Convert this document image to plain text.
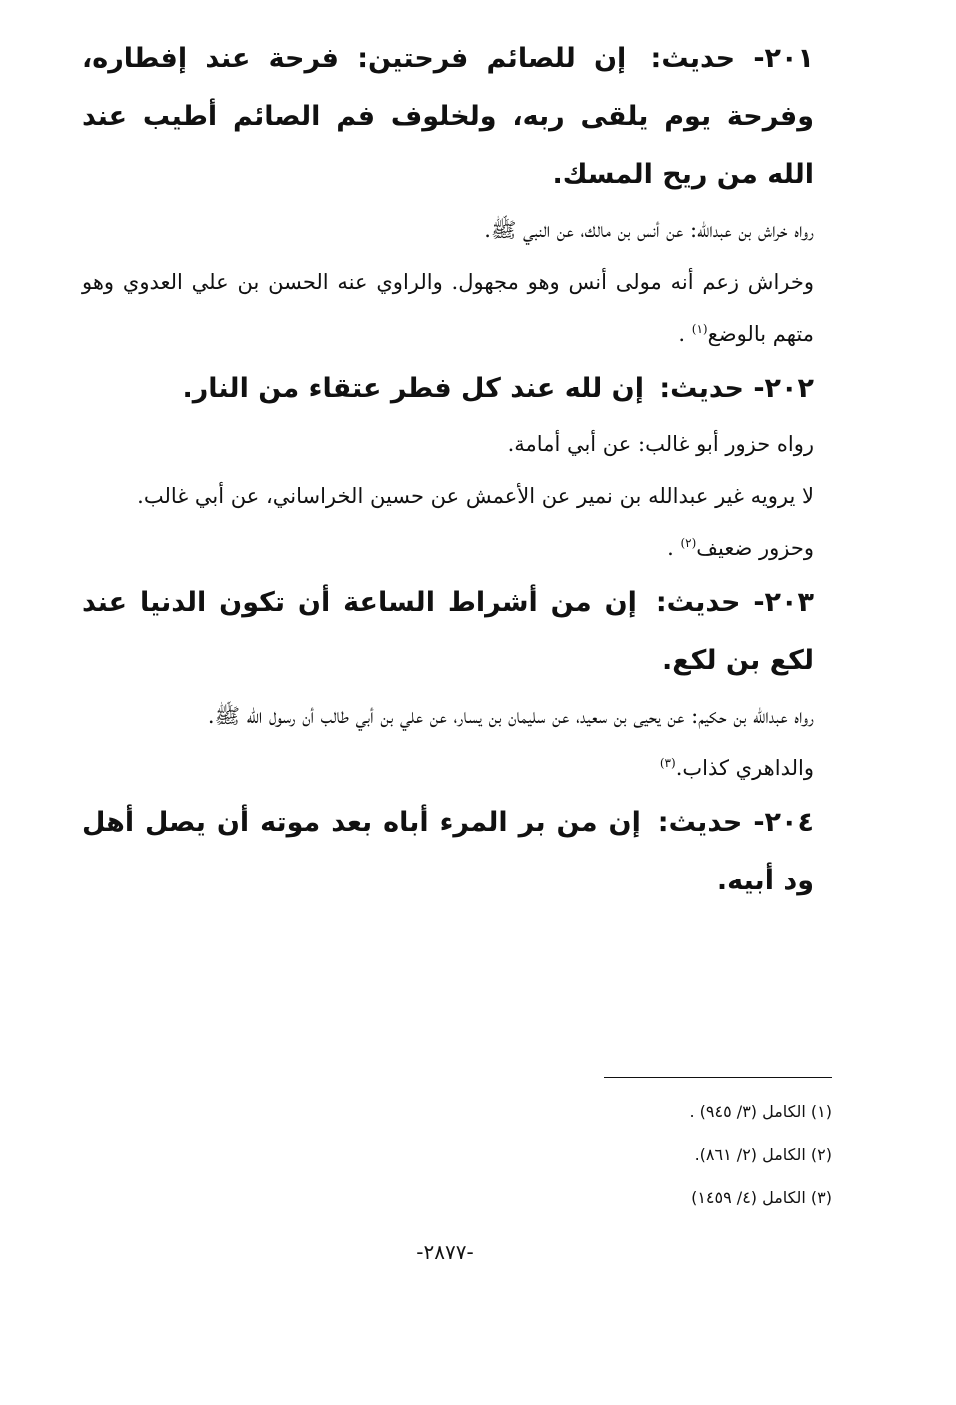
٢٠١- حديث: إن للصائم فرحتين: فرحة عند إفطاره، وفرحة يوم يلقى ربه، ولخلوف فم الصائم أطيب عند الله من ريح المسك.

رواه خراش بن عبدالله: عن أنس بن مالك، عن النبي ﷺ.

وخراش زعم أنه مولى أنس وهو مجهول. والراوي عنه الحسن بن علي العدوي وهو متهم بالوضع$^{(١)}$ .

٢٠٢- حديث: إن لله عند كل فطر عتقاء من النار.

رواه حزور أبو غالب: عن أبي أمامة.

لا يرويه غير عبدالله بن نمير عن الأعمش عن حسين الخراساني، عن أبي غالب.

وحزور ضعيف$^{(٢)}$ .

٢٠٣- حديث: إن من أشراط الساعة أن تكون الدنيا عند لكع بن لكع.

رواه عبدالله بن حكيم: عن يحيى بن سعيد، عن سليمان بن يسار، عن علي بن أبي طالب أن رسول الله ﷺ.

والداهري كذاب.$^{(٣)}$

٢٠٤- حديث: إن من بر المرء أباه بعد موته أن يصل أهل ود أبيه.

(١) الكامل (٣/ ٩٤٥) .

(٢) الكامل (٢/ ٨٦١).

(٣) الكامل (٤/ ١٤٥٩)

-٢٨٧٧-
